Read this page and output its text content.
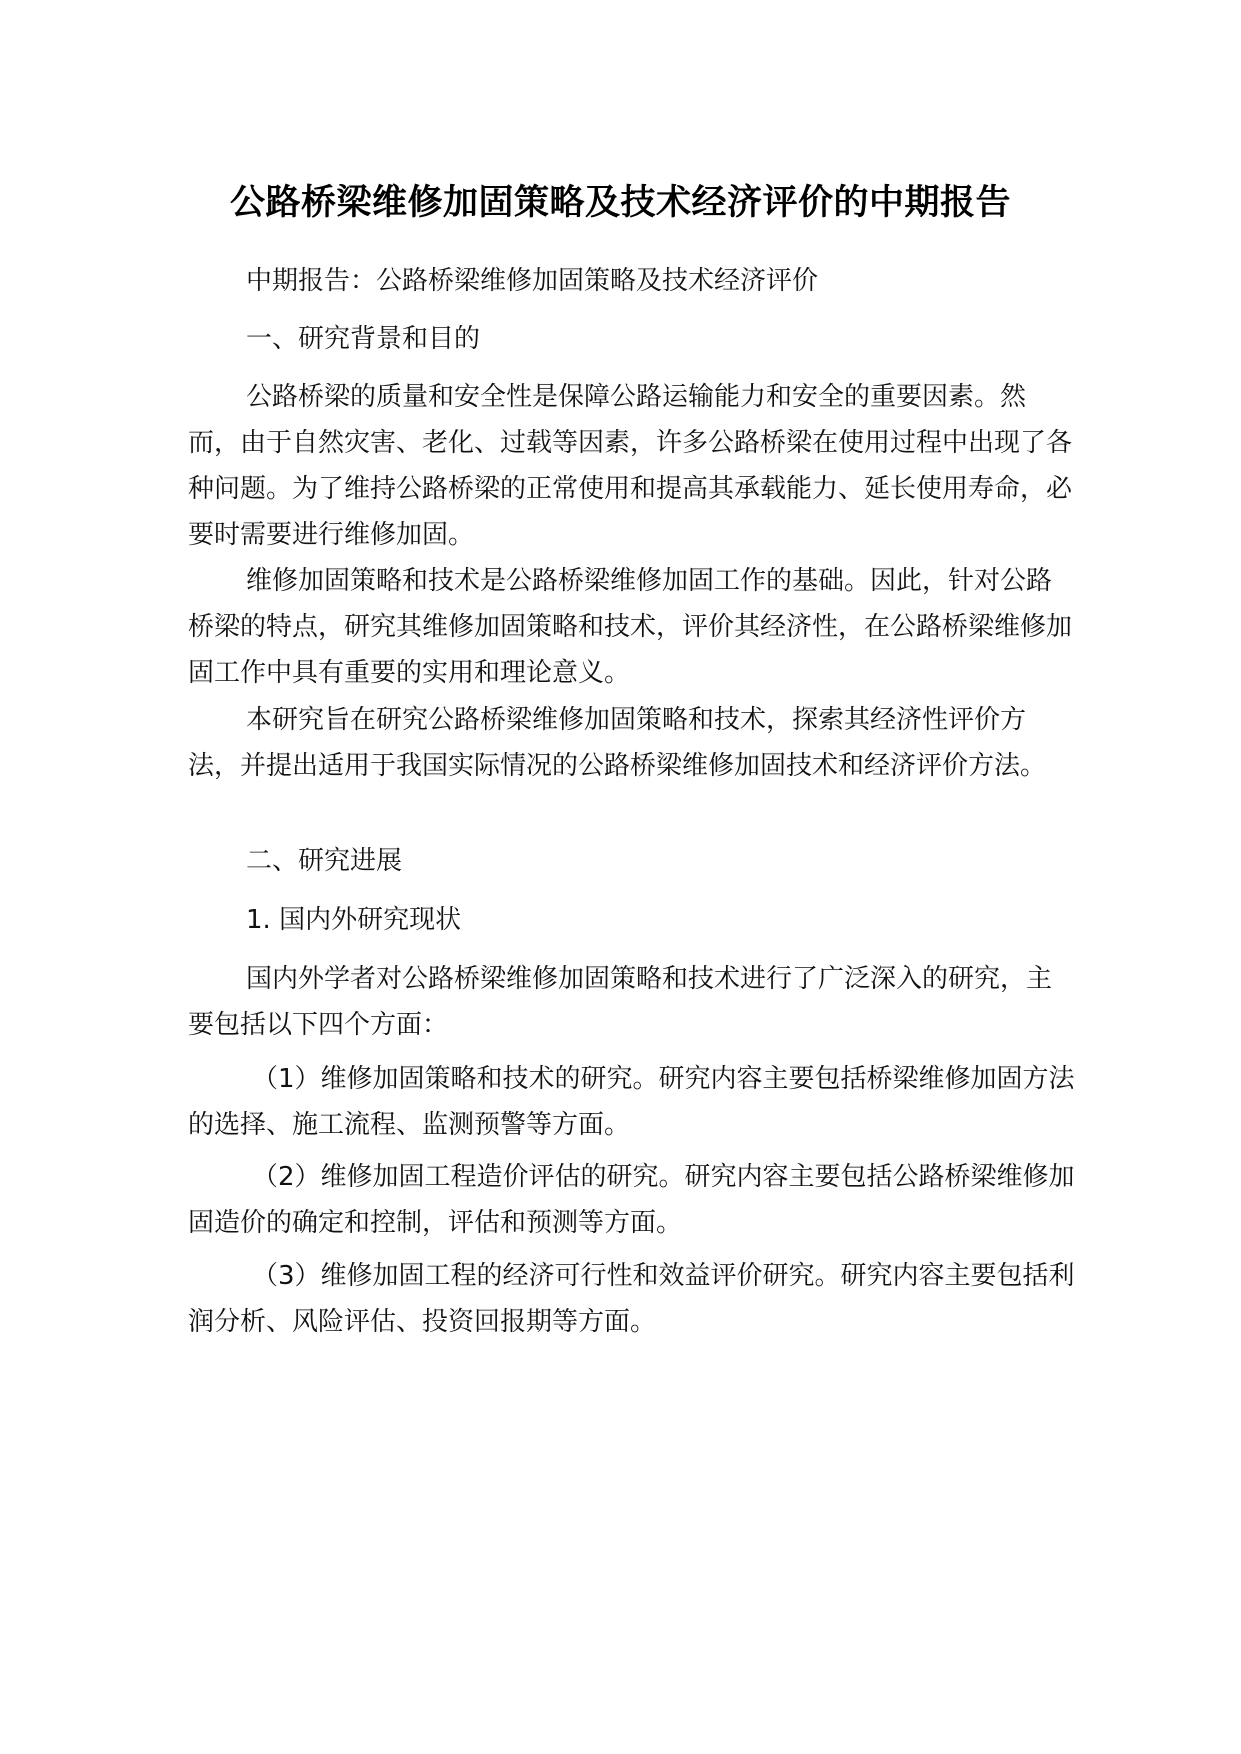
公路桥梁维修加固策略及技术经济评价的中期报告

中期报告：公路桥梁维修加固策略及技术经济评价

一、研究背景和目的

公路桥梁的质量和安全性是保障公路运输能力和安全的重要因素。然而，由于自然灾害、老化、过载等因素，许多公路桥梁在使用过程中出现了各种问题。为了维持公路桥梁的正常使用和提高其承载能力、延长使用寿命，必要时需要进行维修加固。

维修加固策略和技术是公路桥梁维修加固工作的基础。因此，针对公路桥梁的特点，研究其维修加固策略和技术，评价其经济性，在公路桥梁维修加固工作中具有重要的实用和理论意义。

本研究旨在研究公路桥梁维修加固策略和技术，探索其经济性评价方法，并提出适用于我国实际情况的公路桥梁维修加固技术和经济评价方法。

二、研究进展

1. 国内外研究现状

国内外学者对公路桥梁维修加固策略和技术进行了广泛深入的研究，主要包括以下四个方面：

（1）维修加固策略和技术的研究。研究内容主要包括桥梁维修加固方法的选择、施工流程、监测预警等方面。

（2）维修加固工程造价评估的研究。研究内容主要包括公路桥梁维修加固造价的确定和控制，评估和预测等方面。

（3）维修加固工程的经济可行性和效益评价研究。研究内容主要包括利润分析、风险评估、投资回报期等方面。
